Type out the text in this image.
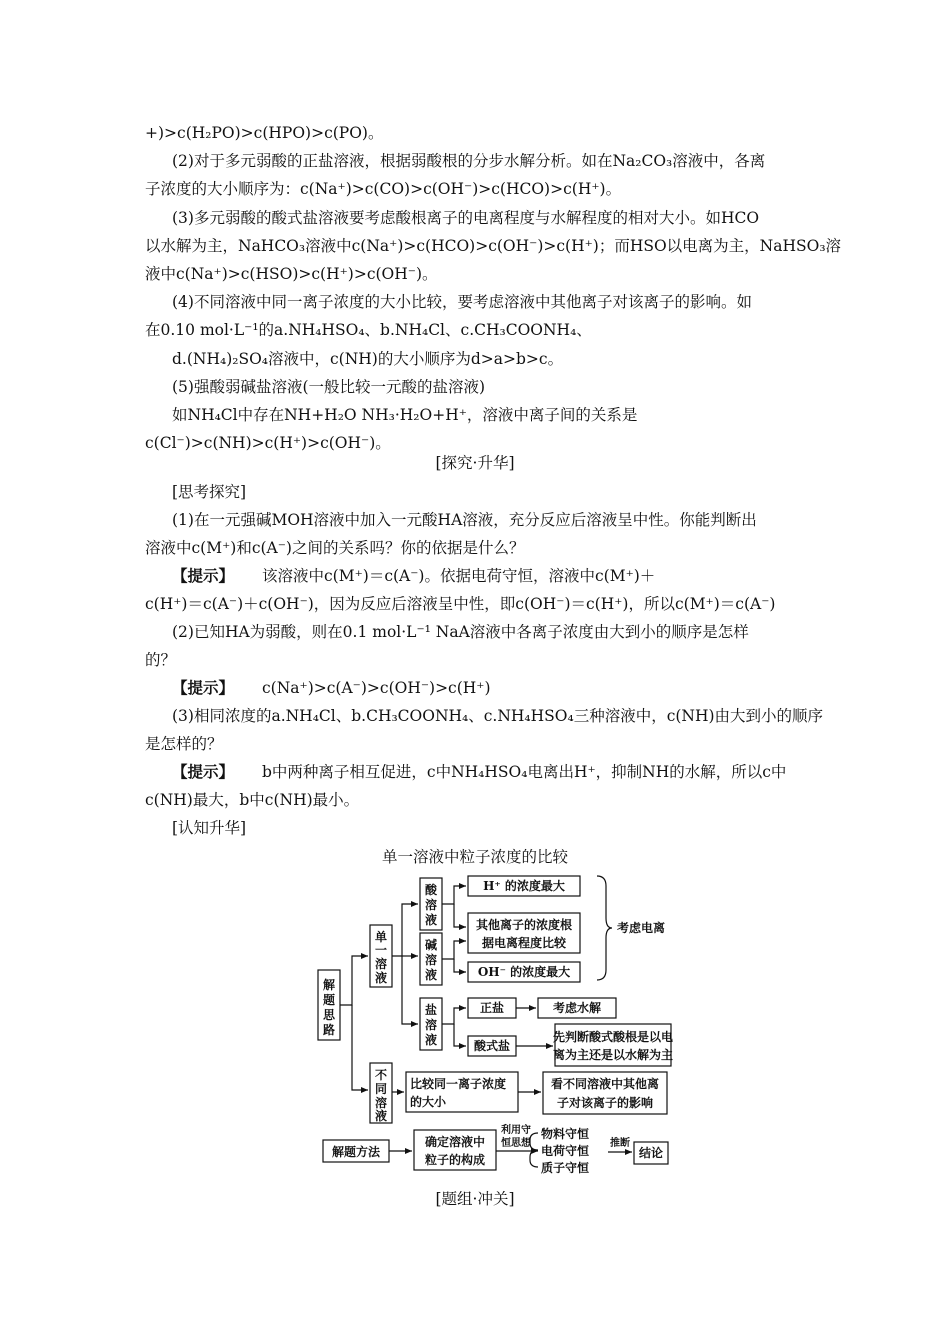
+)>c(H₂PO)>c(HPO)>c(PO)。
(2)对于多元弱酸的正盐溶液，根据弱酸根的分步水解分析。如在Na₂CO₃溶液中，各离
子浓度的大小顺序为：c(Na⁺)>c(CO)>c(OH⁻)>c(HCO)>c(H⁺)。
(3)多元弱酸的酸式盐溶液要考虑酸根离子的电离程度与水解程度的相对大小。如HCO
以水解为主，NaHCO₃溶液中c(Na⁺)>c(HCO)>c(OH⁻)>c(H⁺)；而HSO以电离为主，NaHSO₃溶
液中c(Na⁺)>c(HSO)>c(H⁺)>c(OH⁻)。
(4)不同溶液中同一离子浓度的大小比较，要考虑溶液中其他离子对该离子的影响。如
在0.10 mol·L⁻¹的a.NH₄HSO₄、b.NH₄Cl、c.CH₃COONH₄、
d.(NH₄)₂SO₄溶液中，c(NH)的大小顺序为d>a>b>c。
(5)强酸弱碱盐溶液(一般比较一元酸的盐溶液)
如NH₄Cl中存在NH+H₂O NH₃·H₂O+H⁺，溶液中离子间的关系是
c(Cl⁻)>c(NH)>c(H⁺)>c(OH⁻)。
[探究·升华]
[思考探究]
(1)在一元强碱MOH溶液中加入一元酸HA溶液，充分反应后溶液呈中性。你能判断出
溶液中c(M⁺)和c(A⁻)之间的关系吗？你的依据是什么？
【提示】 该溶液中c(M⁺)＝c(A⁻)。依据电荷守恒，溶液中c(M⁺)＋
c(H⁺)＝c(A⁻)＋c(OH⁻)，因为反应后溶液呈中性，即c(OH⁻)＝c(H⁺)，所以c(M⁺)＝c(A⁻)
(2)已知HA为弱酸，则在0.1 mol·L⁻¹ NaA溶液中各离子浓度由大到小的顺序是怎样
的？
【提示】 c(Na⁺)>c(A⁻)>c(OH⁻)>c(H⁺)
(3)相同浓度的a.NH₄Cl、b.CH₃COONH₄、c.NH₄HSO₄三种溶液中，c(NH)由大到小的顺序
是怎样的？
【提示】 b中两种离子相互促进，c中NH₄HSO₄电离出H⁺，抑制NH的水解，所以c中
c(NH)最大，b中c(NH)最小。
[认知升华]
单一溶液中粒子浓度的比较
解
题
思
路
单
一
溶
液
不
同
溶
液
酸
溶
液
碱
溶
液
盐
溶
液
H⁺ 的浓度最大
其他离子的浓度根
据电离程度比较
OH⁻ 的浓度最大
考虑电离
正盐	考虑水解
酸式盐
先判断酸式酸根是以电
离为主还是以水解为主
比较同一离子浓度
的大小
看不同溶液中其他离
子对该离子的影响
解题方法
确定溶液中
粒子的构成
物料守恒
电荷守恒
质子守恒
结论
利用守
恒思想	推断
[题组·冲关]
